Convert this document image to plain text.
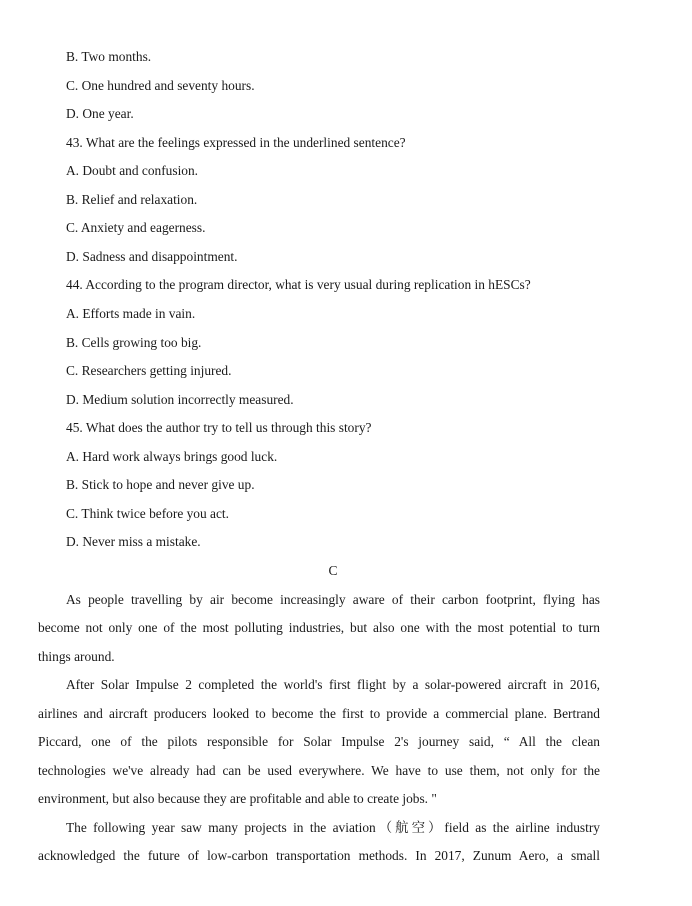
B. Two months.
C. One hundred and seventy hours.
D. One year.
43. What are the feelings expressed in the underlined sentence?
A. Doubt and confusion.
B. Relief and relaxation.
C. Anxiety and eagerness.
D. Sadness and disappointment.
44. According to the program director, what is very usual during replication in hESCs?
A. Efforts made in vain.
B. Cells growing too big.
C. Researchers getting injured.
D. Medium solution incorrectly measured.
45. What does the author try to tell us through this story?
A. Hard work always brings good luck.
B. Stick to hope and never give up.
C. Think twice before you act.
D. Never miss a mistake.
C
As people travelling by air become increasingly aware of their carbon footprint, flying has
become not only one of the most polluting industries, but also one with the most potential to turn
things around.
After Solar Impulse 2 completed the world's first flight by a solar-powered aircraft in 2016,
airlines and aircraft producers looked to become the first to provide a commercial plane. Bertrand
Piccard, one of the pilots responsible for Solar Impulse 2's journey said, “ All the clean
technologies we've already had can be used everywhere. We have to use them, not only for the
environment, but also because they are profitable and able to create jobs. "
The following year saw many projects in the aviation（航空）field as the airline industry
acknowledged the future of low-carbon transportation methods. In 2017, Zunum Aero, a small
